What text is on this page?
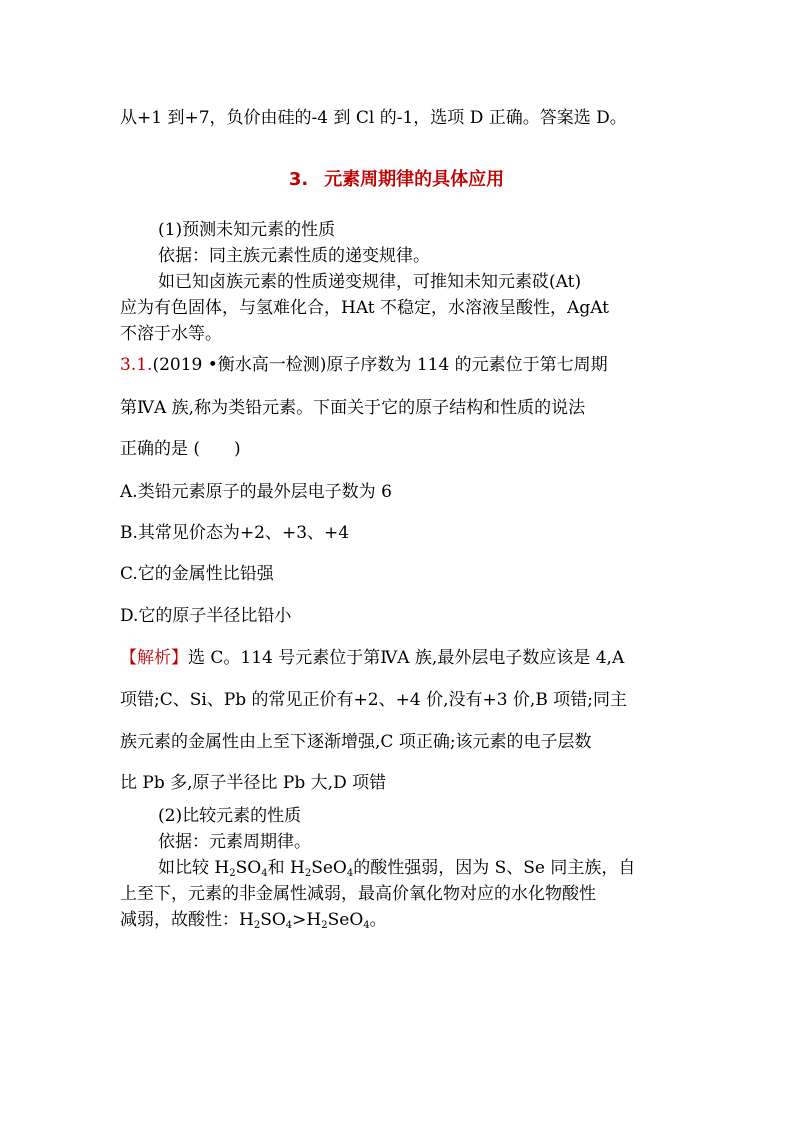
从+1 到+7，负价由硅的-4 到 Cl 的-1，选项 D 正确。答案选 D。
3. 元素周期律的具体应用
(1)预测未知元素的性质
依据：同主族元素性质的递变规律。
如已知卤族元素的性质递变规律，可推知未知元素砹(At)
应为有色固体，与氢难化合，HAt 不稳定，水溶液呈酸性，AgAt
不溶于水等。
3.1.(2019 •衡水高一检测)原子序数为 114 的元素位于第七周期
第ⅣA 族,称为类铅元素。下面关于它的原子结构和性质的说法
正确的是 (　　)
A.类铅元素原子的最外层电子数为 6
B.其常见价态为+2、+3、+4
C.它的金属性比铅强
D.它的原子半径比铅小
【解析】选 C。114 号元素位于第ⅣA 族,最外层电子数应该是 4,A
项错;C、Si、Pb 的常见正价有+2、+4 价,没有+3 价,B 项错;同主
族元素的金属性由上至下逐渐增强,C 项正确;该元素的电子层数
比 Pb 多,原子半径比 Pb 大,D 项错
(2)比较元素的性质
依据：元素周期律。
如比较 $H_2SO_4$和 $H_2SeO_4$的酸性强弱，因为 S、Se 同主族，自
上至下，元素的非金属性减弱，最高价氧化物对应的水化物酸性
减弱，故酸性：$H_2SO_4>H_2SeO_4$。
